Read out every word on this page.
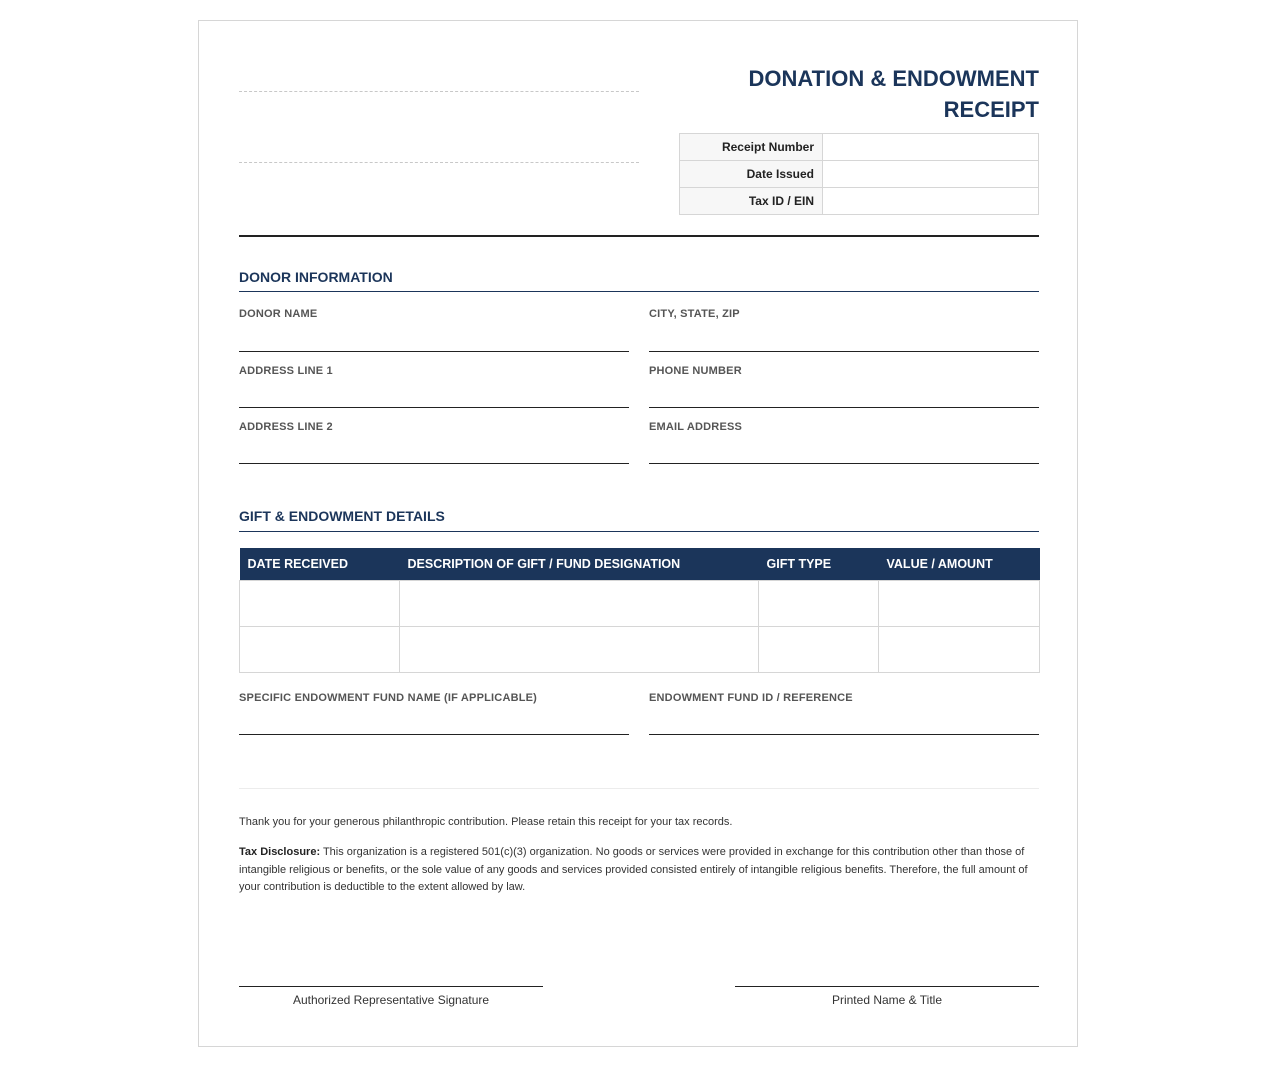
DONATION & ENDOWMENT RECEIPT
Receipt Number	
Date Issued	
Tax ID / EIN	
DONOR INFORMATION
DONOR NAME	CITY, STATE, ZIP
ADDRESS LINE 1	PHONE NUMBER
ADDRESS LINE 2	EMAIL ADDRESS
GIFT & ENDOWMENT DETAILS
DATE RECEIVED	DESCRIPTION OF GIFT / FUND DESIGNATION	GIFT TYPE	VALUE / AMOUNT

SPECIFIC ENDOWMENT FUND NAME (IF APPLICABLE)	ENDOWMENT FUND ID / REFERENCE
Thank you for your generous philanthropic contribution. Please retain this receipt for your tax records.
Tax Disclosure: This organization is a registered 501(c)(3) organization. No goods or services were provided in exchange for this contribution other than those of intangible religious or benefits, or the sole value of any goods and services provided consisted entirely of intangible religious benefits. Therefore, the full amount of your contribution is deductible to the extent allowed by law.
Authorized Representative Signature	Printed Name & Title
